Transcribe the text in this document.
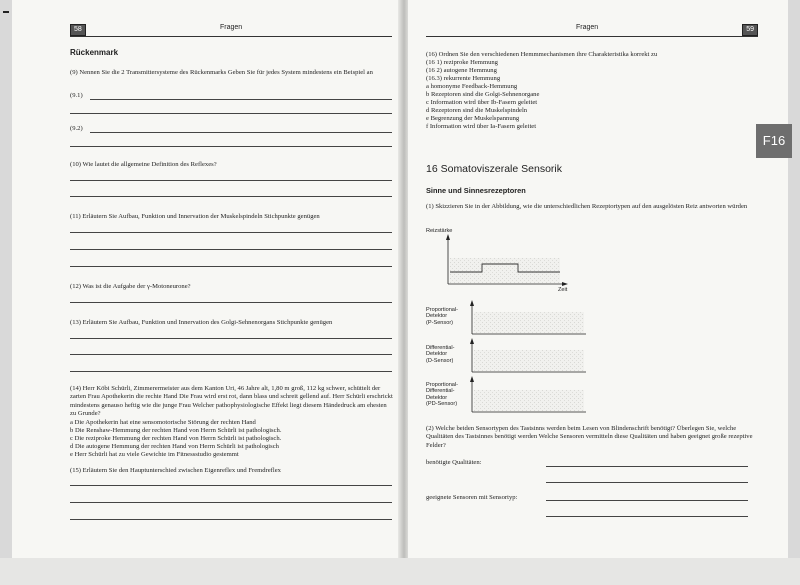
58	Fragen
Rückenmark
(9) Nennen Sie die 2 Transmittersysteme des Rückenmarks Geben Sie für jedes System mindestens ein Beispiel an
(9.1)
(9.2)
(10) Wie lautet die allgemeine Definition des Reflexes?
(11) Erläutern Sie Aufbau, Funktion und Innervation der Muskelspindeln Stichpunkte genügen
(12) Was ist die Aufgabe der γ-Motoneurone?
(13) Erläutern Sie Aufbau, Funktion und Innervation des Golgi-Sehnenorgans Stichpunkte genügen
(14) Herr Köbi Schürli, Zimmerermeister aus dem Kanton Uri, 46 Jahre alt, 1,80 m groß, 112 kg schwer, schüttelt der zarten Frau Apothekerin die rechte Hand Die Frau wird erst rot, dann blass und schreit gellend auf. Herr Schürli erschrickt mindestens genauso heftig wie die junge Frau Welcher pathophysiologische Effekt liegt diesem Händedruck am ehesten zu Grunde?
a Die Apothekerin hat eine sensomotorische Störung der rechten Hand
b Die Renshaw-Hemmung der rechten Hand von Herrn Schürli ist pathologisch.
c Die reziproke Hemmung der rechten Hand von Herrn Schürli ist pathologisch.
d Die autogene Hemmung der rechten Hand von Herrn Schürli ist pathologisch
e Herr Schürli hat zu viele Gewichte im Fitnessstudio gestemmt
(15) Erläutern Sie den Hauptunterschied zwischen Eigenreflex und Fremdreflex
Fragen	59
(16) Ordnen Sie den verschiedenen Hemmmechanismen ihre Charakteristika korrekt zu
(16 1) reziproke Hemmung
(16 2) autogene Hemmung
(16.3) rekurrente Hemmung
a homonyme Feedback-Hemmung
b Rezeptoren sind die Golgi-Sehnenorgane
c Information wird über Ib-Fasern geleitet
d Rezeptoren sind die Muskelspindeln
e Begrenzung der Muskelspannung
f Information wird über Ia-Fasern geleitet
16 Somatoviszerale Sensorik
Sinne und Sinnesrezeptoren
(1) Skizzieren Sie in der Abbildung, wie die unterschiedlichen Rezeptortypen auf den ausgelösten Reiz antworten würden
Reizstärke
Zeit
Proportional-
Detektor
(P-Sensor)
Differential-
Detektor
(D-Sensor)
Proportional-
Differential-
Detektor
(PD-Sensor)
(2) Welche beiden Sensortypen des Tastsinns werden beim Lesen von Blindenschrift benötigt? Überlegen Sie, welche Qualitäten des Tastsinnes benötigt werden Welche Sensoren vermitteln diese Qualitäten und haben geeignet große rezeptive Felder?
benötigte Qualitäten:
geeignete Sensoren mit Sensortyp:
F16
